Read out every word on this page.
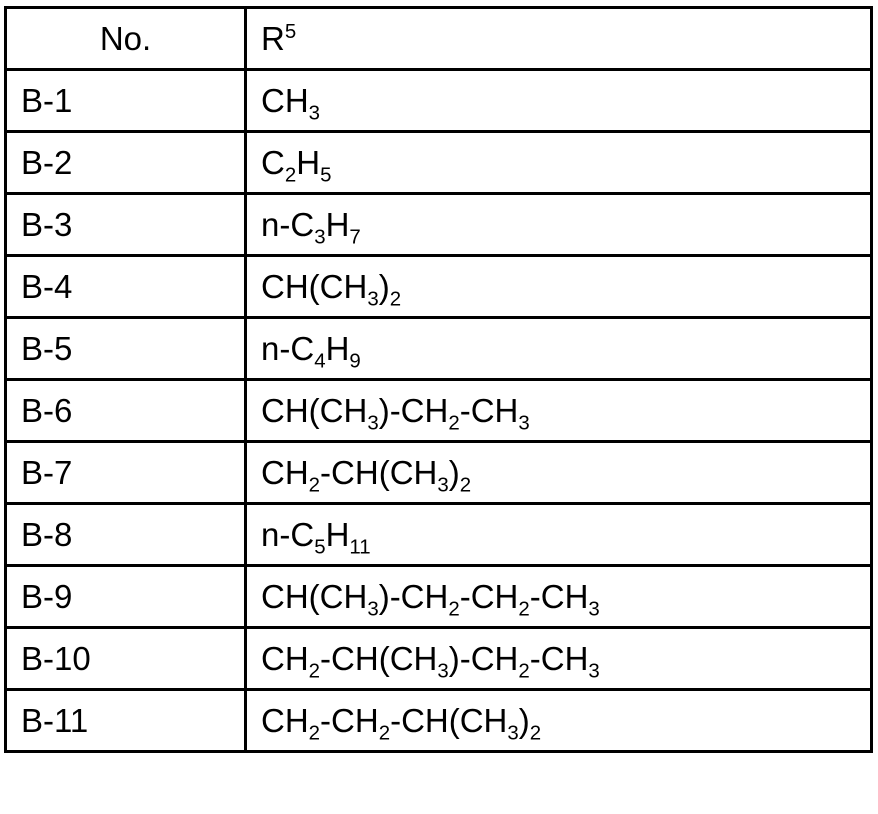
No.	$R^5$
B-1	$CH_3$
B-2	$C_2H_5$
B-3	$n-C_3H_7$
B-4	$CH(CH_3)_2$
B-5	$n-C_4H_9$
B-6	$CH(CH_3)-CH_2-CH_3$
B-7	$CH_2-CH(CH_3)_2$
B-8	$n-C_5H_{11}$
B-9	$CH(CH_3)-CH_2-CH_2-CH_3$
B-10	$CH_2-CH(CH_3)-CH_2-CH_3$
B-11	$CH_2-CH_2-CH(CH_3)_2$
